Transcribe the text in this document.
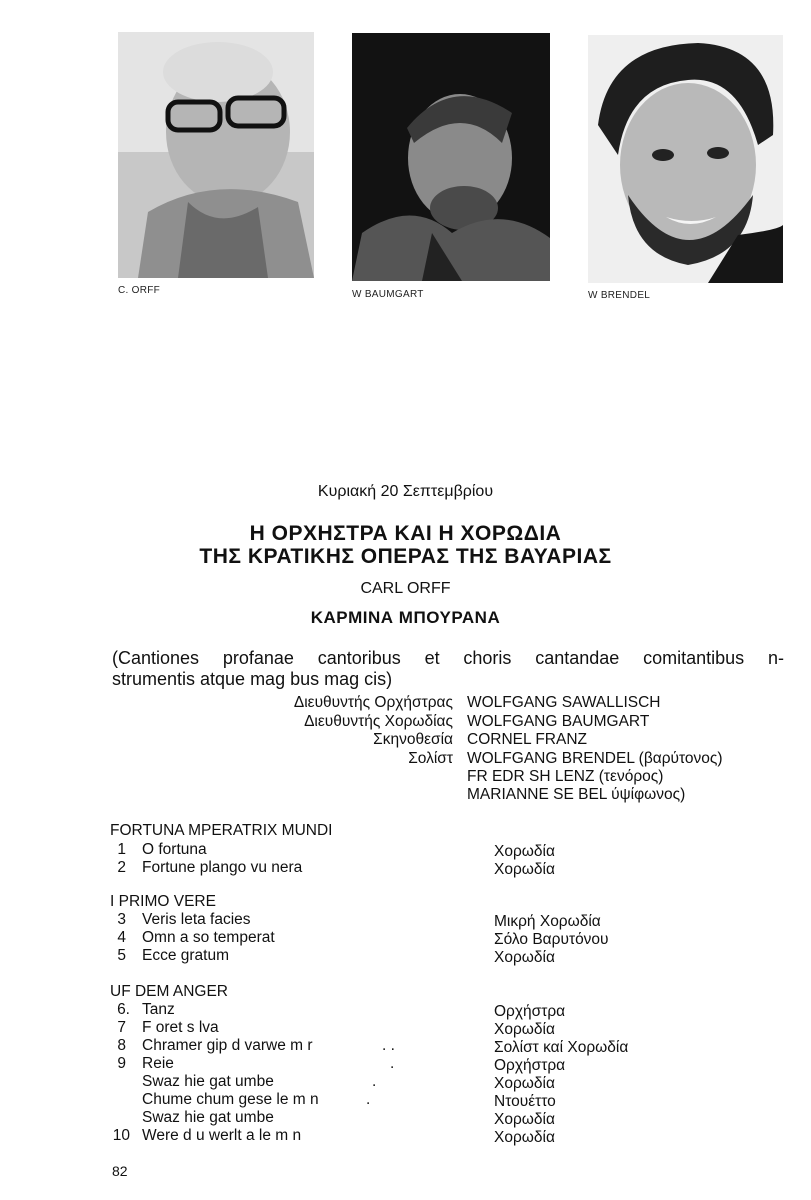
C. ORFF	W BAUMGART	W BRENDEL
Κυριακή 20 Σεπτεμβρίου
Η ΟΡΧΗΣΤΡΑ ΚΑΙ Η ΧΟΡΩΔΙΑ
ΤΗΣ ΚΡΑΤΙΚΗΣ ΟΠΕΡΑΣ ΤΗΣ ΒΑΥΑΡΙΑΣ
CARL ORFF
ΚΑΡΜΙΝΑ ΜΠΟΥΡΑΝΑ
(Cantiones profanae cantoribus et choris cantandae comitantibus n-
strumentis atque mag bus mag cis)
Διευθυντής Ορχήστρας WOLFGANG SAWALLISCH
Διευθυντής Χορωδίας WOLFGANG BAUMGART
Σκηνοθεσία CORNEL FRANZ
Σολίστ WOLFGANG BRENDEL (βαρύτονος)
FR EDR SH LENZ (τενόρος)
MARIANNE SE BEL ύψίφωνος)
FORTUNA MPERATRIX MUNDI
1 O fortuna	Χορωδία
2 Fortune plango vu nera	Χορωδία
I PRIMO VERE
3 Veris leta facies	Μικρή Χορωδία
4 Omn a so temperat	Σόλο Βαρυτόνου
5 Ecce gratum	Χορωδία
UF DEM ANGER
6. Tanz	Ορχήστρα
7 F oret s lva	Χορωδία
8 Chramer gip d varwe m r	. .	Σολίστ καί Χορωδία
9 Reie	.	Ορχήστρα
Swaz hie gat umbe	.	Χορωδία
Chume chum gese le m n	.	Ντουέττο
Swaz hie gat umbe	Χορωδία
10 Were d u werlt a le m n	Χορωδία
82
